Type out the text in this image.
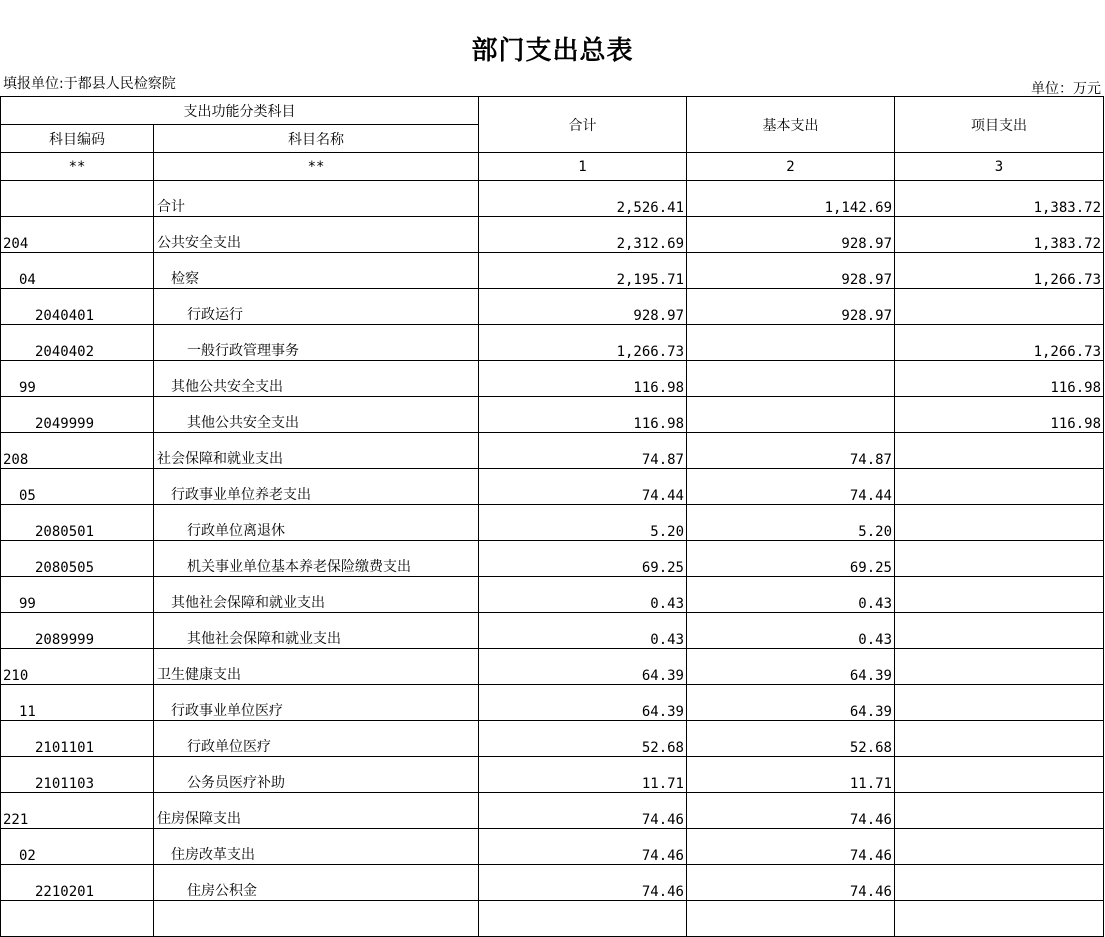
部门支出总表
填报单位:于都县人民检察院	单位：万元
支出功能分类科目		合计	基本支出	项目支出
科目编码	科目名称			
**	**	1	2	3
	合计	2,526.41	1,142.69	1,383.72
204	公共安全支出	2,312.69	928.97	1,383.72
04	检察	2,195.71	928.97	1,266.73
2040401	行政运行	928.97	928.97	
2040402	一般行政管理事务	1,266.73		1,266.73
99	其他公共安全支出	116.98		116.98
2049999	其他公共安全支出	116.98		116.98
208	社会保障和就业支出	74.87	74.87	
05	行政事业单位养老支出	74.44	74.44	
2080501	行政单位离退休	5.20	5.20	
2080505	机关事业单位基本养老保险缴费支出	69.25	69.25	
99	其他社会保障和就业支出	0.43	0.43	
2089999	其他社会保障和就业支出	0.43	0.43	
210	卫生健康支出	64.39	64.39	
11	行政事业单位医疗	64.39	64.39	
2101101	行政单位医疗	52.68	52.68	
2101103	公务员医疗补助	11.71	11.71	
221	住房保障支出	74.46	74.46	
02	住房改革支出	74.46	74.46	
2210201	住房公积金	74.46	74.46	
